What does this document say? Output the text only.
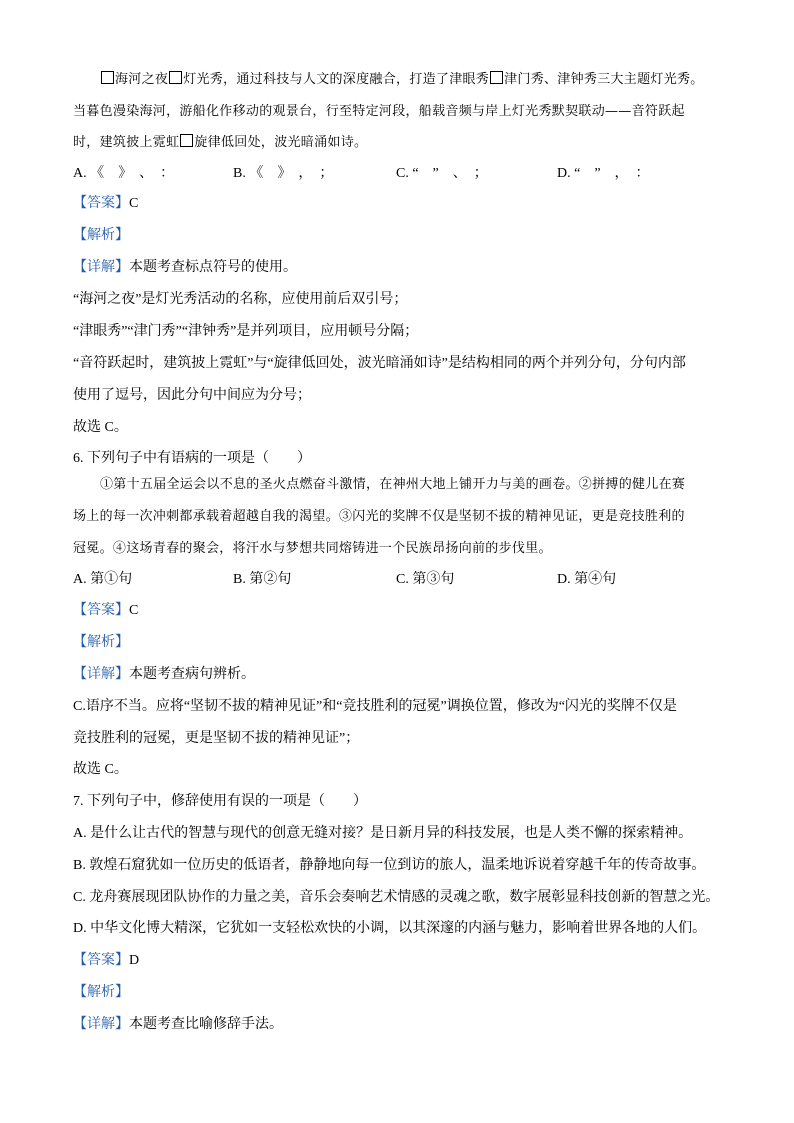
海河之夜 灯光秀，通过科技与人文的深度融合，打造了津眼秀 津门秀、津钟秀三大主题灯光秀。
当暮色漫染海河，游船化作移动的观景台，行至特定河段，船载音频与岸上灯光秀默契联动——音符跃起
时，建筑披上霓虹 旋律低回处，波光暗涌如诗。
A. 《　》　、　：	B. 《　》　，　；	C. “　”　、　；	D. “　”　，　：
【答案】C
【解析】
【详解】本题考查标点符号的使用。
“海河之夜”是灯光秀活动的名称，应使用前后双引号；
“津眼秀”“津门秀”“津钟秀”是并列项目，应用顿号分隔；
“音符跃起时，建筑披上霓虹”与“旋律低回处，波光暗涌如诗”是结构相同的两个并列分句，分句内部
使用了逗号，因此分句中间应为分号；
故选 C。
6. 下列句子中有语病的一项是（　　）
①第十五届全运会以不息的圣火点燃奋斗激情，在神州大地上铺开力与美的画卷。②拼搏的健儿在赛
场上的每一次冲刺都承载着超越自我的渴望。③闪光的奖牌不仅是坚韧不拔的精神见证，更是竞技胜利的
冠冕。④这场青春的聚会，将汗水与梦想共同熔铸进一个民族昂扬向前的步伐里。
A. 第①句	B. 第②句	C. 第③句	D. 第④句
【答案】C
【解析】
【详解】本题考查病句辨析。
C.语序不当。应将“坚韧不拔的精神见证”和“竞技胜利的冠冕”调换位置，修改为“闪光的奖牌不仅是
竞技胜利的冠冕，更是坚韧不拔的精神见证”；
故选 C。
7. 下列句子中，修辞使用有误的一项是（　　）
A. 是什么让古代的智慧与现代的创意无缝对接？是日新月异的科技发展，也是人类不懈的探索精神。
B. 敦煌石窟犹如一位历史的低语者，静静地向每一位到访的旅人，温柔地诉说着穿越千年的传奇故事。
C. 龙舟赛展现团队协作的力量之美，音乐会奏响艺术情感的灵魂之歌，数字展彰显科技创新的智慧之光。
D. 中华文化博大精深，它犹如一支轻松欢快的小调，以其深邃的内涵与魅力，影响着世界各地的人们。
【答案】D
【解析】
【详解】本题考查比喻修辞手法。
